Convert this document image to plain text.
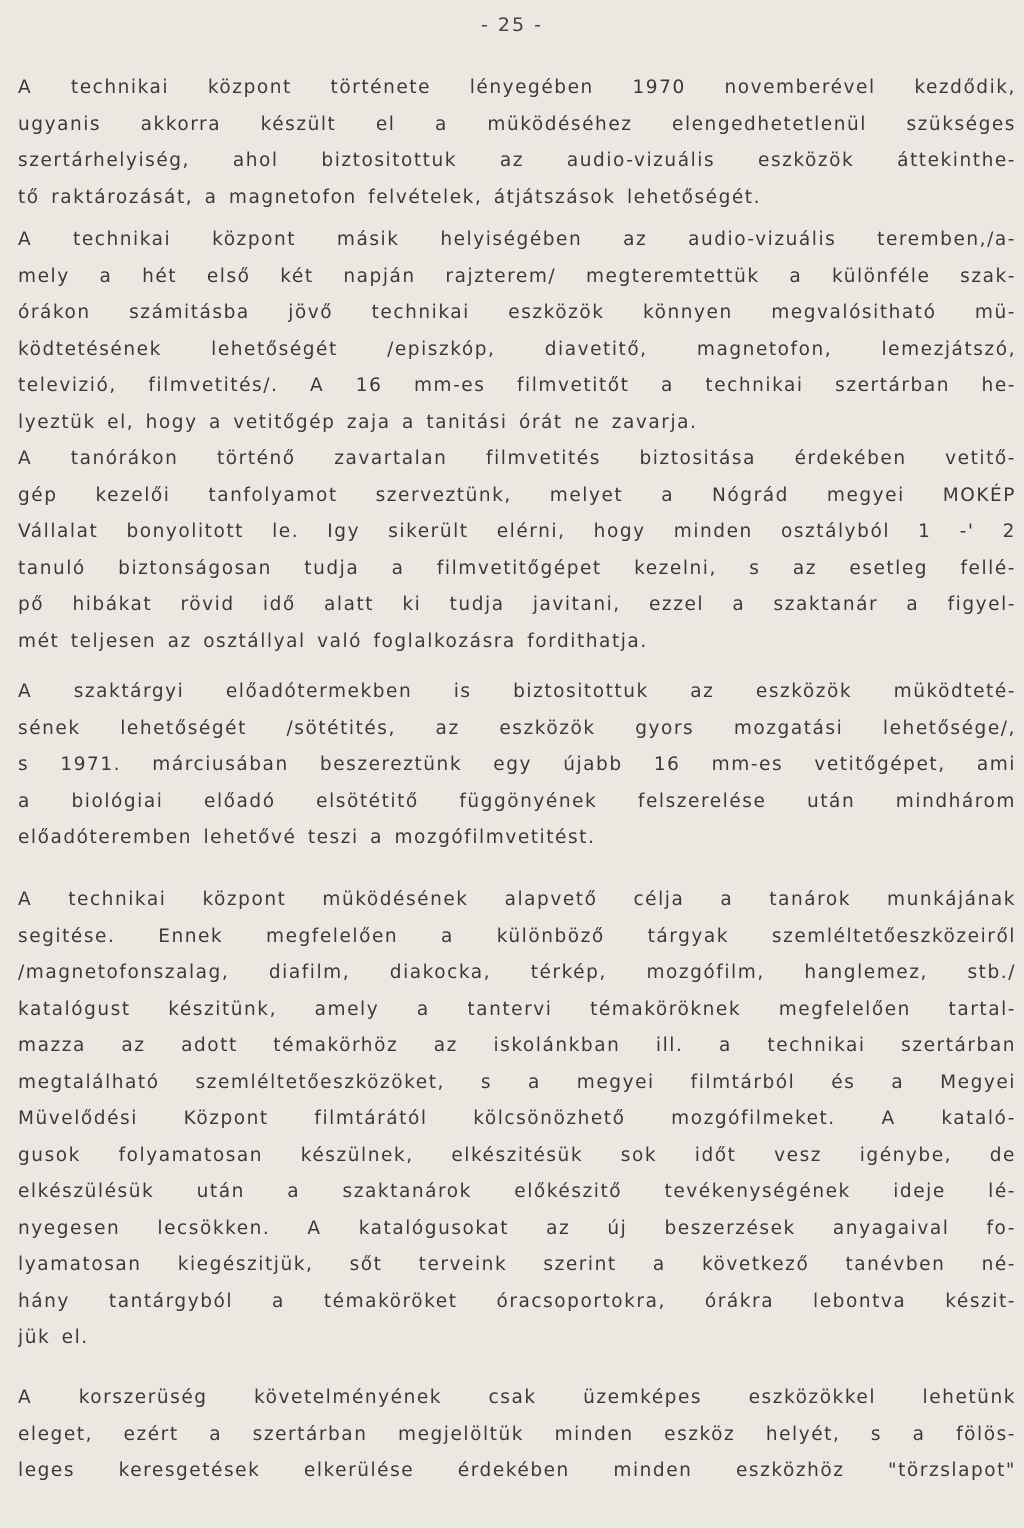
- 25 -
A technikai központ története lényegében 1970 novemberével kezdődik,
ugyanis akkorra készült el a müködéséhez elengedhetetlenül szükséges
szertárhelyiség, ahol biztositottuk az audio-vizuális eszközök áttekinthe-
tő raktározását, a magnetofon felvételek, átjátszások lehetőségét.
A technikai központ másik helyiségében az audio-vizuális teremben,/a-
mely a hét első két napján rajzterem/ megteremtettük a különféle szak-
órákon számitásba jövő technikai eszközök könnyen megvalósitható mü-
ködtetésének lehetőségét /episzkóp, diavetitő, magnetofon, lemezjátszó,
televizió, filmvetités/. A 16 mm-es filmvetitőt a technikai szertárban he-
lyeztük el, hogy a vetitőgép zaja a tanitási órát ne zavarja.
A tanórákon történő zavartalan filmvetités biztositása érdekében vetitő-
gép kezelői tanfolyamot szerveztünk, melyet a Nógrád megyei MOKÉP
Vállalat bonyolitott le. Igy sikerült elérni, hogy minden osztályból 1 -' 2
tanuló biztonságosan tudja a filmvetitőgépet kezelni, s az esetleg fellé-
pő hibákat rövid idő alatt ki tudja javitani, ezzel a szaktanár a figyel-
mét teljesen az osztállyal való foglalkozásra fordithatja.
A szaktárgyi előadótermekben is biztositottuk az eszközök müködteté-
sének lehetőségét /sötétités, az eszközök gyors mozgatási lehetősége/,
s 1971. márciusában beszereztünk egy újabb 16 mm-es vetitőgépet, ami
a biológiai előadó elsötétitő függönyének felszerelése után mindhárom
előadóteremben lehetővé teszi a mozgófilmvetitést.
A technikai központ müködésének alapvető célja a tanárok munkájának
segitése. Ennek megfelelően a különböző tárgyak szemléltetőeszközeiről
/magnetofonszalag, diafilm, diakocka, térkép, mozgófilm, hanglemez, stb./
katalógust készitünk, amely a tantervi témaköröknek megfelelően tartal-
mazza az adott témakörhöz az iskolánkban ill. a technikai szertárban
megtalálható szemléltetőeszközöket, s a megyei filmtárból és a Megyei
Müvelődési Központ filmtárától kölcsönözhető mozgófilmeket. A kataló-
gusok folyamatosan készülnek, elkészitésük sok időt vesz igénybe, de
elkészülésük után a szaktanárok előkészitő tevékenységének ideje lé-
nyegesen lecsökken. A katalógusokat az új beszerzések anyagaival fo-
lyamatosan kiegészitjük, sőt terveink szerint a következő tanévben né-
hány tantárgyból a témaköröket óracsoportokra, órákra lebontva készit-
jük el.
A korszerüség követelményének csak üzemképes eszközökkel lehetünk
eleget, ezért a szertárban megjelöltük minden eszköz helyét, s a fölös-
leges keresgetések elkerülése érdekében minden eszközhöz "törzslapot"
